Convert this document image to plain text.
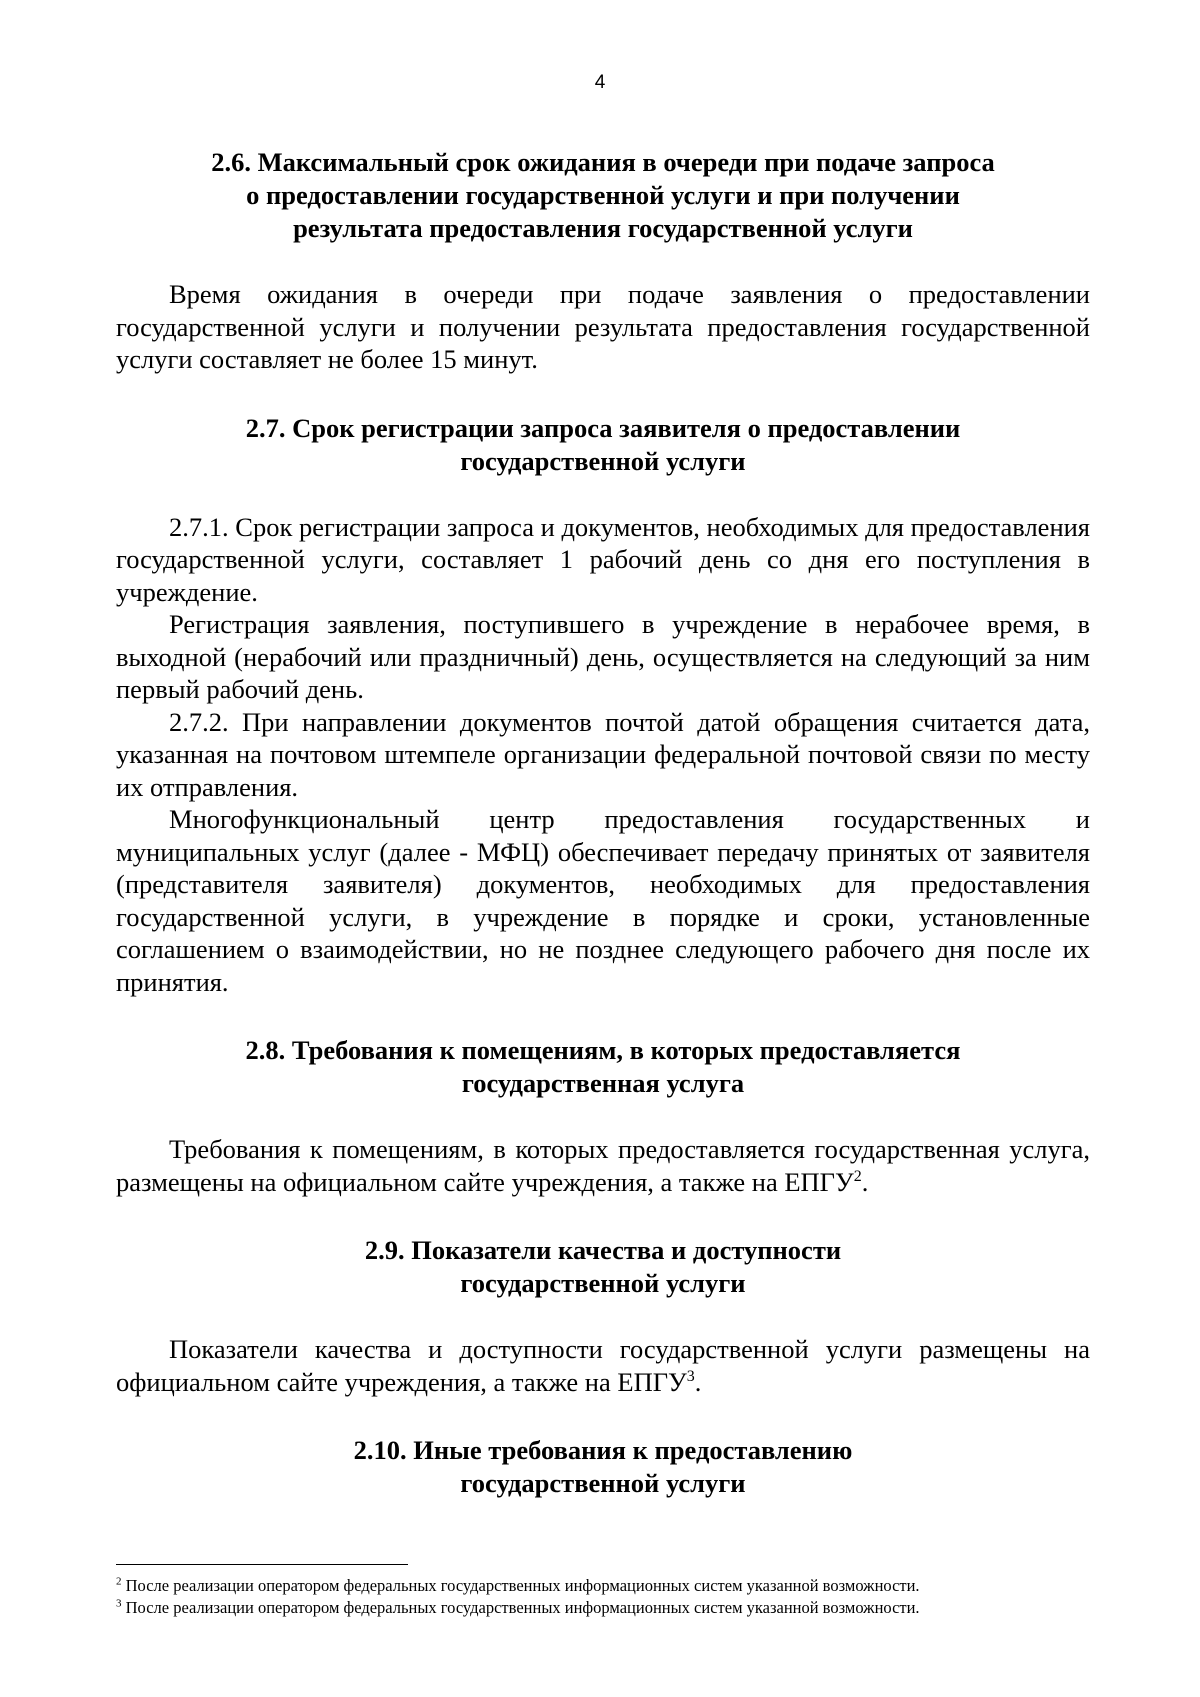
4
2.6. Максимальный срок ожидания в очереди при подаче запроса
о предоставлении государственной услуги и при получении
результата предоставления государственной услуги

Время ожидания в очереди при подаче заявления о предоставлении государственной услуги и получении результата предоставления государственной услуги составляет не более 15 минут.

2.7. Срок регистрации запроса заявителя о предоставлении
государственной услуги

2.7.1. Срок регистрации запроса и документов, необходимых для предоставления государственной услуги, составляет 1 рабочий день со дня его поступления в учреждение.

Регистрация заявления, поступившего в учреждение в нерабочее время, в выходной (нерабочий или праздничный) день, осуществляется на следующий за ним первый рабочий день.

2.7.2. При направлении документов почтой датой обращения считается дата, указанная на почтовом штемпеле организации федеральной почтовой связи по месту их отправления.

Многофункциональный центр предоставления государственных и муниципальных услуг (далее - МФЦ) обеспечивает передачу принятых от заявителя (представителя заявителя) документов, необходимых для предоставления государственной услуги, в учреждение в порядке и сроки, установленные соглашением о взаимодействии, но не позднее следующего рабочего дня после их принятия.

2.8. Требования к помещениям, в которых предоставляется
государственная услуга

Требования к помещениям, в которых предоставляется государственная услуга, размещены на официальном сайте учреждения, а также на ЕПГУ$^2$.

2.9. Показатели качества и доступности
государственной услуги

Показатели качества и доступности государственной услуги размещены на официальном сайте учреждения, а также на ЕПГУ$^3$.

2.10. Иные требования к предоставлению
государственной услуги

$^2$ После реализации оператором федеральных государственных информационных систем указанной возможности.

$^3$ После реализации оператором федеральных государственных информационных систем указанной возможности.
